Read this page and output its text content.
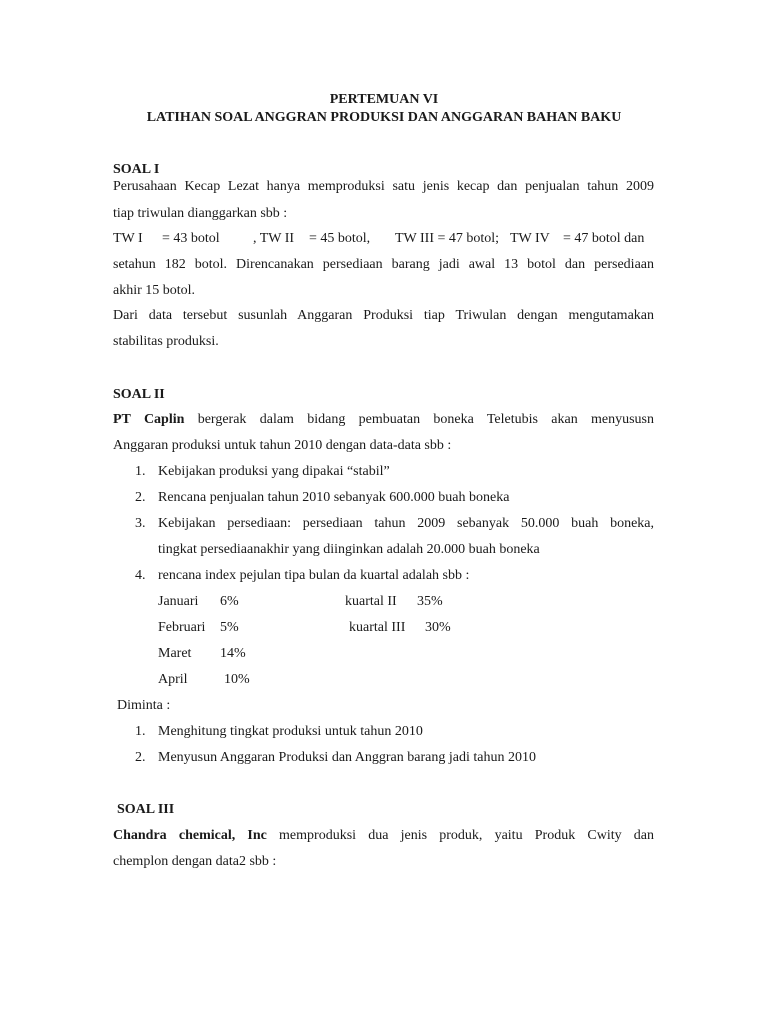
PERTEMUAN VI
LATIHAN SOAL ANGGRAN PRODUKSI DAN ANGGARAN BAHAN BAKU
SOAL I
Perusahaan Kecap Lezat hanya memproduksi satu jenis kecap dan penjualan tahun 2009
tiap triwulan dianggarkan sbb :
TW I = 43 botol , TW II = 45 botol, TW III = 47 botol; TW IV = 47 botol dan
setahun 182 botol. Direncanakan persediaan barang jadi awal 13 botol dan persediaan
akhir 15 botol.
Dari data tersebut susunlah Anggaran Produksi tiap Triwulan dengan mengutamakan
stabilitas produksi.
SOAL II
PT Caplin bergerak dalam bidang pembuatan boneka Teletubis akan menyususn
Anggaran produksi untuk tahun 2010 dengan data-data sbb :
1. Kebijakan produksi yang dipakai “stabil”
2. Rencana penjualan tahun 2010 sebanyak 600.000 buah boneka
3. Kebijakan persediaan: persediaan tahun 2009 sebanyak 50.000 buah boneka,
tingkat persediaanakhir yang diinginkan adalah 20.000 buah boneka
4. rencana index pejulan tipa bulan da kuartal adalah sbb :
Januari 6%	kuartal II 35%
Februari 5%	kuartal III 30%
Maret 14%
April	10%
Diminta :
1. Menghitung tingkat produksi untuk tahun 2010
2. Menyusun Anggaran Produksi dan Anggran barang jadi tahun 2010
SOAL III
Chandra chemical, Inc memproduksi dua jenis produk, yaitu Produk Cwity dan
chemplon dengan data2 sbb :
